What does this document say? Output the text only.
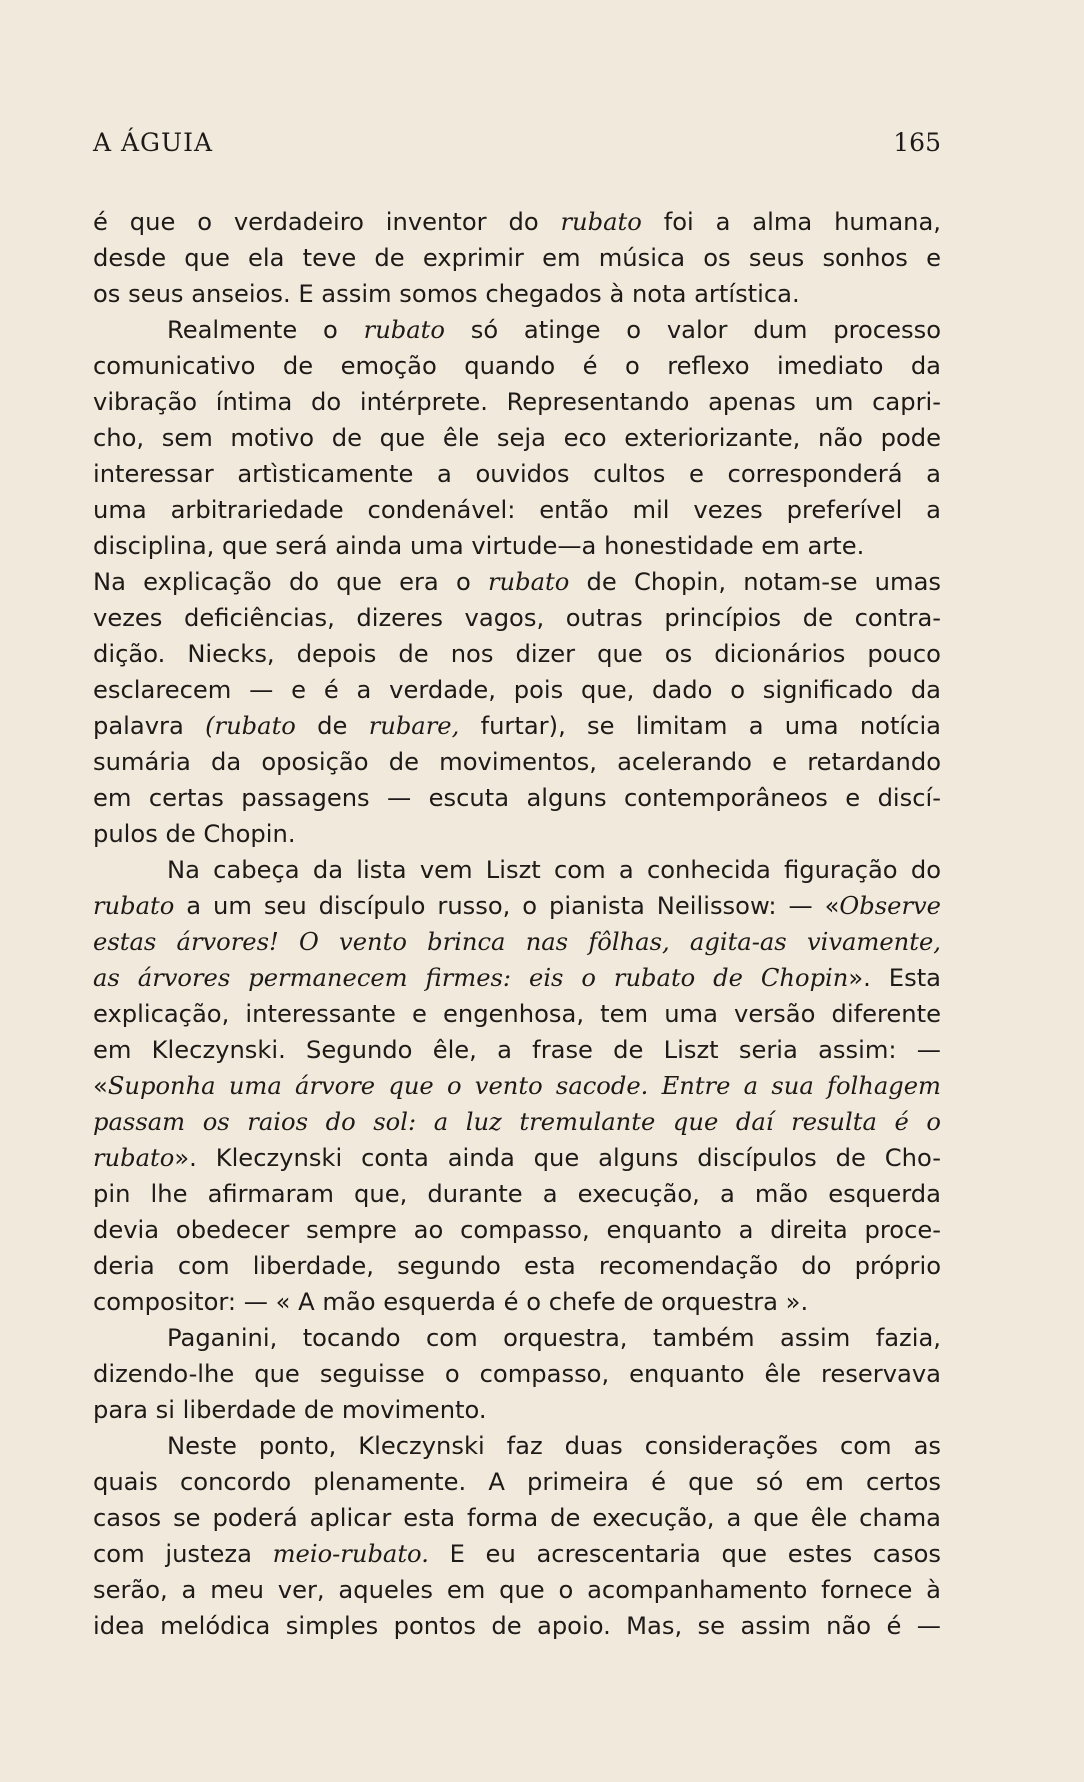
A ÁGUIA	165
é que o verdadeiro inventor do rubato foi a alma humana,
desde que ela teve de exprimir em música os seus sonhos e
os seus anseios. E assim somos chegados à nota artística.
Realmente o rubato só atinge o valor dum processo
comunicativo de emoção quando é o reflexo imediato da
vibração íntima do intérprete. Representando apenas um capri-
cho, sem motivo de que êle seja eco exteriorizante, não pode
interessar artìsticamente a ouvidos cultos e corresponderá a
uma arbitrariedade condenável: então mil vezes preferível a
disciplina, que será ainda uma virtude—a honestidade em arte.
Na explicação do que era o rubato de Chopin, notam-se umas
vezes deficiências, dizeres vagos, outras princípios de contra-
dição. Niecks, depois de nos dizer que os dicionários pouco
esclarecem — e é a verdade, pois que, dado o significado da
palavra (rubato de rubare, furtar), se limitam a uma notícia
sumária da oposição de movimentos, acelerando e retardando
em certas passagens — escuta alguns contemporâneos e discí-
pulos de Chopin.
Na cabeça da lista vem Liszt com a conhecida figuração do
rubato a um seu discípulo russo, o pianista Neilissow: — «Observe
estas árvores! O vento brinca nas fôlhas, agita-as vivamente,
as árvores permanecem firmes: eis o rubato de Chopin». Esta
explicação, interessante e engenhosa, tem uma versão diferente
em Kleczynski. Segundo êle, a frase de Liszt seria assim: —
«Suponha uma árvore que o vento sacode. Entre a sua folhagem
passam os raios do sol: a luz tremulante que daí resulta é o
rubato». Kleczynski conta ainda que alguns discípulos de Cho-
pin lhe afirmaram que, durante a execução, a mão esquerda
devia obedecer sempre ao compasso, enquanto a direita proce-
deria com liberdade, segundo esta recomendação do próprio
compositor: — « A mão esquerda é o chefe de orquestra ».
Paganini, tocando com orquestra, também assim fazia,
dizendo-lhe que seguisse o compasso, enquanto êle reservava
para si liberdade de movimento.
Neste ponto, Kleczynski faz duas considerações com as
quais concordo plenamente. A primeira é que só em certos
casos se poderá aplicar esta forma de execução, a que êle chama
com justeza meio-rubato. E eu acrescentaria que estes casos
serão, a meu ver, aqueles em que o acompanhamento fornece à
idea melódica simples pontos de apoio. Mas, se assim não é —
